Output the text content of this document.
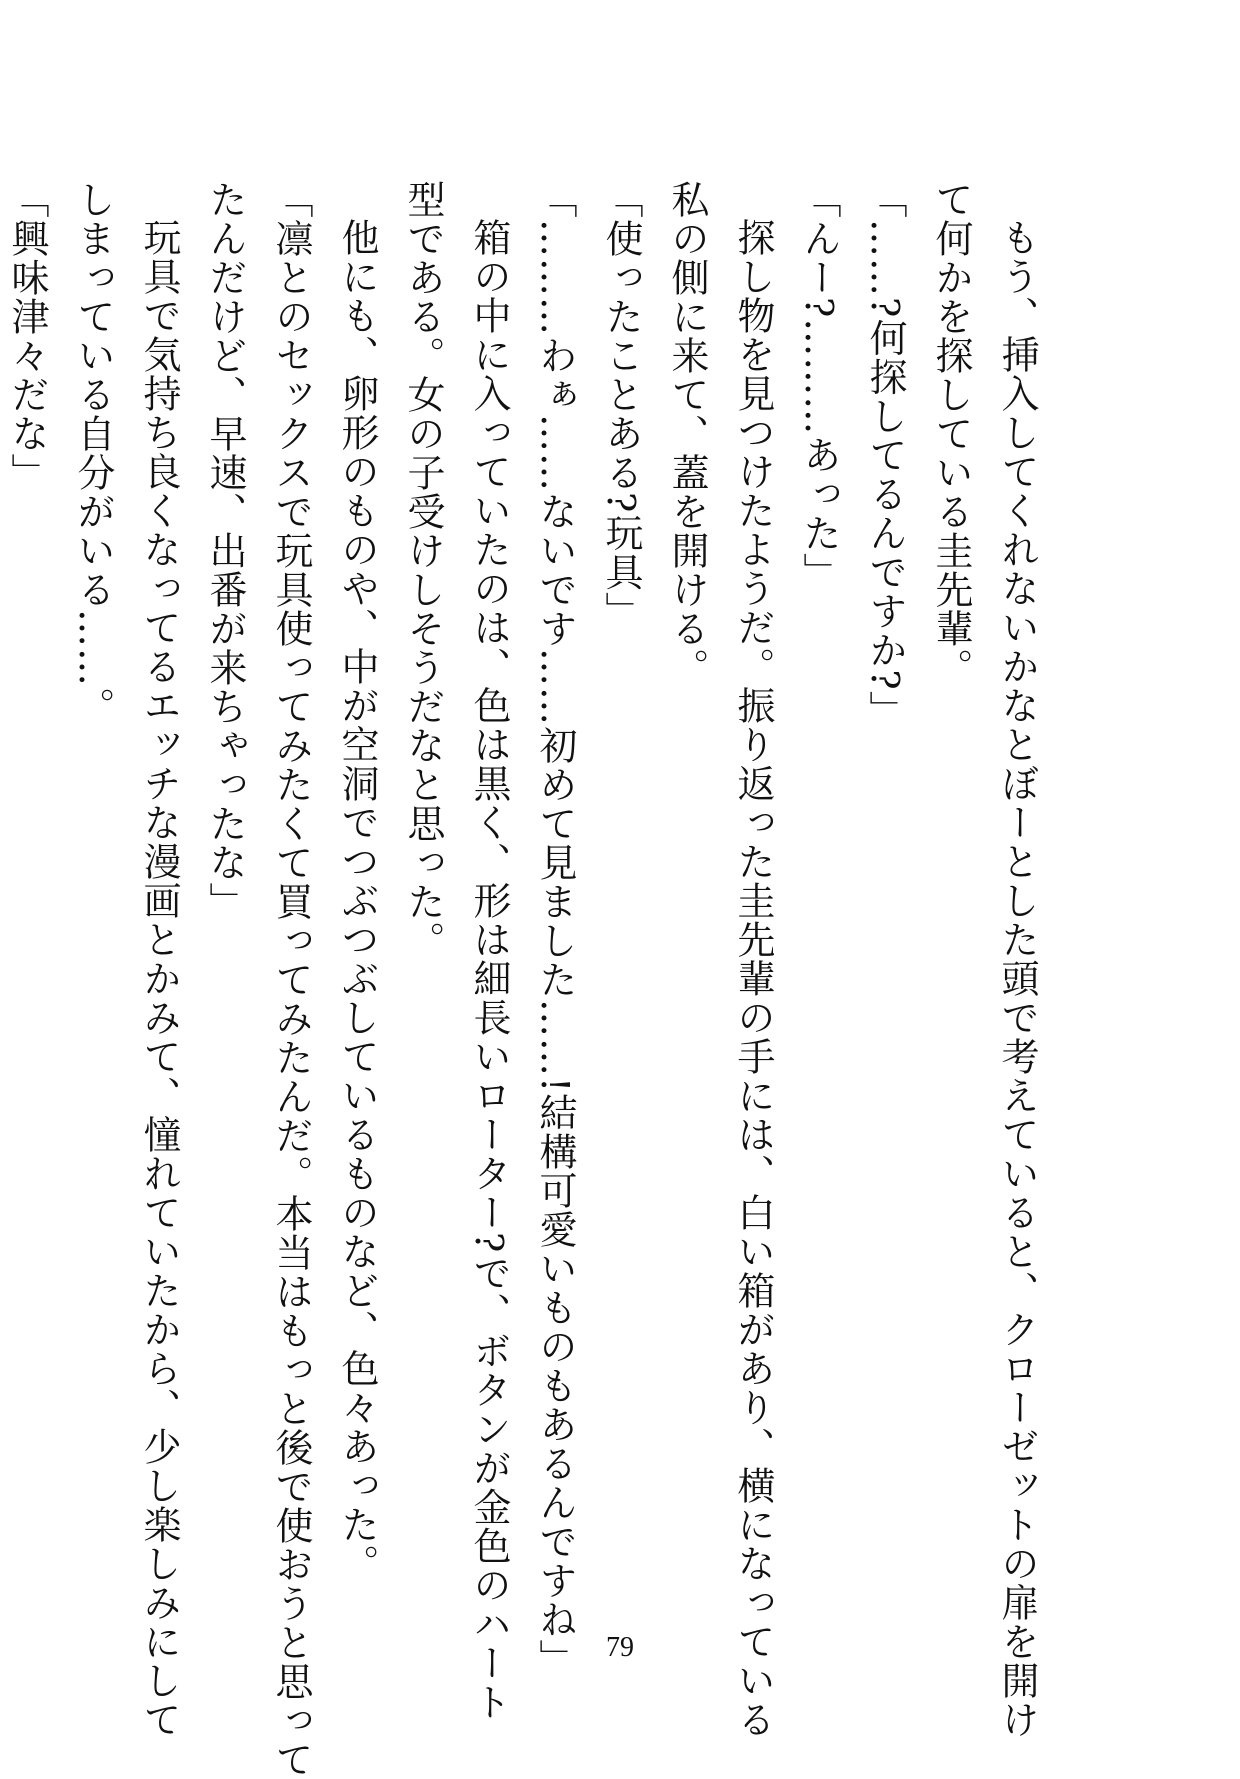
もう、挿入してくれないかなとぼーとした頭で考えていると、クローゼットの扉を開け
て何かを探している圭先輩。
「……?何探してるんですか?」
「んー?………あった」
探し物を見つけたようだ。振り返った圭先輩の手には、白い箱があり、横になっている
私の側に来て、蓋を開ける。
「使ったことある?玩具」
「………わぁ……ないです……初めて見ました……!結構可愛いものもあるんですね」
箱の中に入っていたのは、色は黒く、形は細長いローター?で、ボタンが金色のハート
型である。女の子受けしそうだなと思った。
他にも、卵形のものや、中が空洞でつぶつぶしているものなど、色々あった。
「凛とのセックスで玩具使ってみたくて買ってみたんだ。本当はもっと後で使おうと思って
たんだけど、早速、出番が来ちゃったな」
玩具で気持ち良くなってるエッチな漫画とかみて、憧れていたから、少し楽しみにして
しまっている自分がいる……。
「興味津々だな」
79
